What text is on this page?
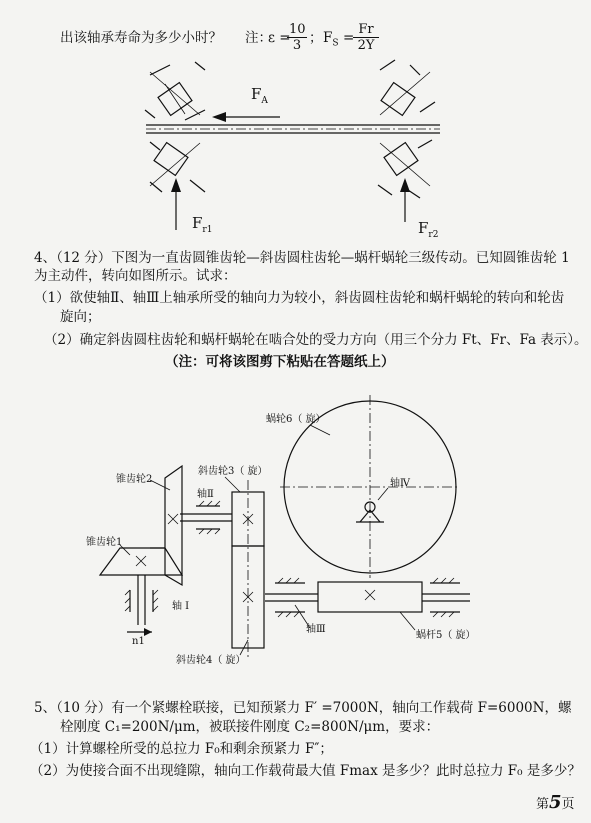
出该轴承寿命为多少小时？ 注：
ε =
$\frac{10}{3}$ ； $F_S$ =
$\frac{Fr}{2Y}$
$F_A$
$F_{r1}$	$F_{r2}$
4、（12 分）下图为一直齿圆锥齿轮—斜齿圆柱齿轮—蜗杆蜗轮三级传动。已知圆锥齿轮 1
为主动件，转向如图所示。试求：
（1）欲使轴Ⅱ、轴Ⅲ上轴承所受的轴向力为较小，斜齿圆柱齿轮和蜗杆蜗轮的转向和轮齿
旋向；
（2）确定斜齿圆柱齿轮和蜗杆蜗轮在啮合处的受力方向（用三个分力 Ft、Fr、Fa 表示）。
（注：可将该图剪下粘贴在答题纸上）
蜗轮6（ 旋）
锥齿轮2
斜齿轮3（ 旋）
轴Ⅱ
轴Ⅳ
锥齿轮1
轴 I
n1
轴Ⅲ
蜗杆5（ 旋）
斜齿轮4（ 旋）
5、（10 分）有一个紧螺栓联接，已知预紧力 F′ =7000N，轴向工作载荷 F=6000N，螺
栓刚度 C₁=200N/μm，被联接件刚度 C₂=800N/μm，要求：
（1）计算螺栓所受的总拉力 F₀和剩余预紧力 F″；
（2）为使接合面不出现缝隙，轴向工作载荷最大值 Fmax 是多少？此时总拉力 F₀ 是多少？
第5页
